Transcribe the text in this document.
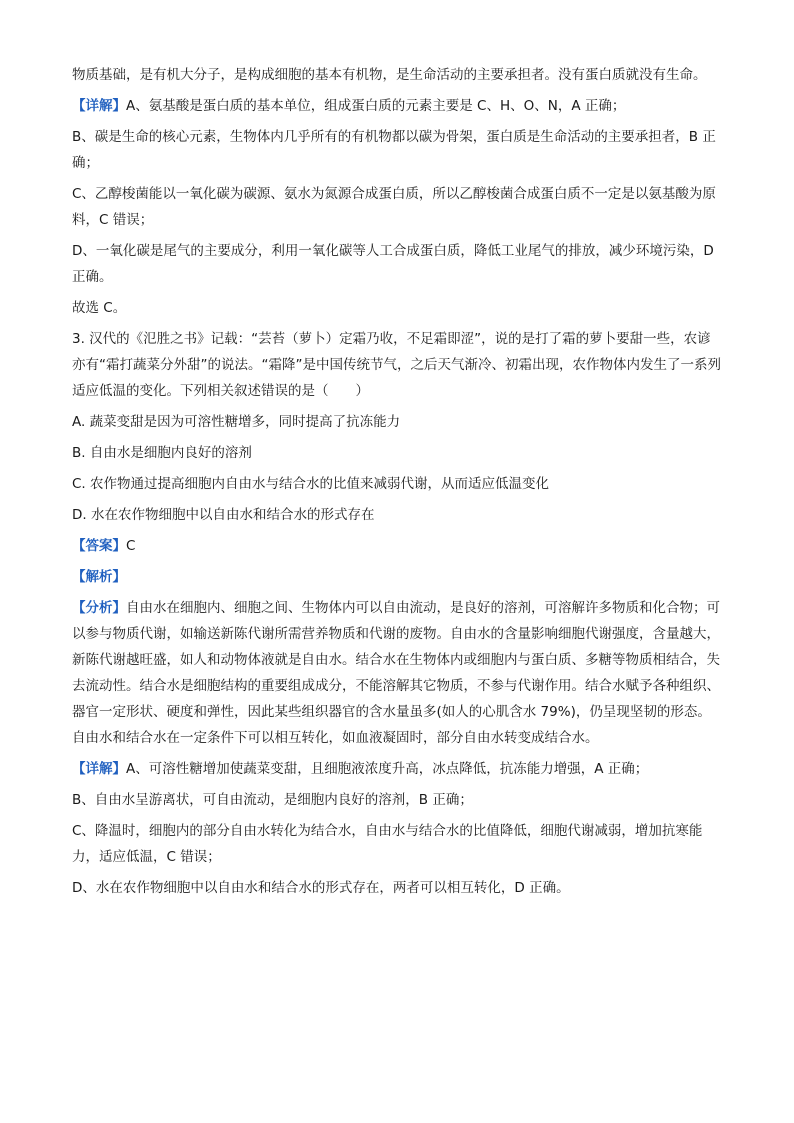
物质基础，是有机大分子，是构成细胞的基本有机物，是生命活动的主要承担者。没有蛋白质就没有生命。

【详解】A、氨基酸是蛋白质的基本单位，组成蛋白质的元素主要是 C、H、O、N，A 正确；

B、碳是生命的核心元素，生物体内几乎所有的有机物都以碳为骨架，蛋白质是生命活动的主要承担者，B 正确；

C、乙醇梭菌能以一氧化碳为碳源、氨水为氮源合成蛋白质，所以乙醇梭菌合成蛋白质不一定是以氨基酸为原料，C 错误；

D、一氧化碳是尾气的主要成分，利用一氧化碳等人工合成蛋白质，降低工业尾气的排放，减少环境污染，D 正确。

故选 C。

3. 汉代的《氾胜之书》记载：“芸苔（萝卜）定霜乃收，不足霜即涩”，说的是打了霜的萝卜要甜一些，农谚亦有“霜打蔬菜分外甜”的说法。“霜降”是中国传统节气，之后天气渐冷、初霜出现，农作物体内发生了一系列适应低温的变化。下列相关叙述错误的是（　　）

A. 蔬菜变甜是因为可溶性糖增多，同时提高了抗冻能力

B. 自由水是细胞内良好的溶剂

C. 农作物通过提高细胞内自由水与结合水的比值来减弱代谢，从而适应低温变化

D. 水在农作物细胞中以自由水和结合水的形式存在

【答案】C

【解析】

【分析】自由水在细胞内、细胞之间、生物体内可以自由流动，是良好的溶剂，可溶解许多物质和化合物；可以参与物质代谢，如输送新陈代谢所需营养物质和代谢的废物。自由水的含量影响细胞代谢强度，含量越大，新陈代谢越旺盛，如人和动物体液就是自由水。结合水在生物体内或细胞内与蛋白质、多糖等物质相结合，失去流动性。结合水是细胞结构的重要组成成分，不能溶解其它物质，不参与代谢作用。结合水赋予各种组织、器官一定形状、硬度和弹性，因此某些组织器官的含水量虽多(如人的心肌含水 79%)，仍呈现坚韧的形态。自由水和结合水在一定条件下可以相互转化，如血液凝固时，部分自由水转变成结合水。

【详解】A、可溶性糖增加使蔬菜变甜，且细胞液浓度升高，冰点降低，抗冻能力增强，A 正确；

B、自由水呈游离状，可自由流动，是细胞内良好的溶剂，B 正确；

C、降温时，细胞内的部分自由水转化为结合水，自由水与结合水的比值降低，细胞代谢减弱，增加抗寒能力，适应低温，C 错误；

D、水在农作物细胞中以自由水和结合水的形式存在，两者可以相互转化，D 正确。
